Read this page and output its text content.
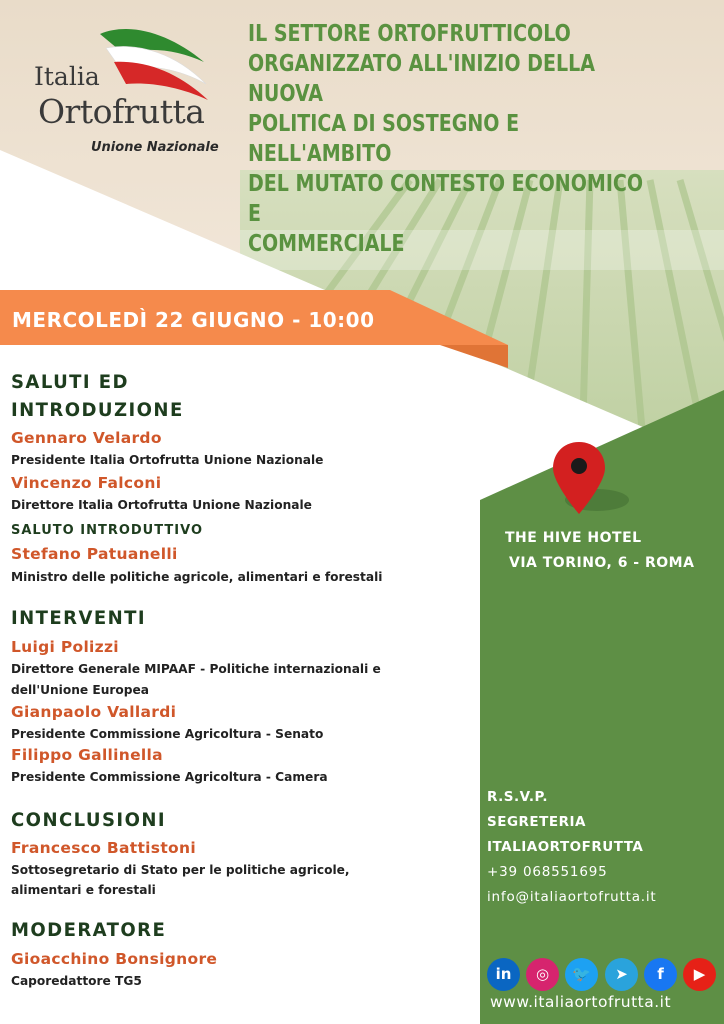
Italia
Ortofrutta
Unione Nazionale
IL SETTORE ORTOFRUTTICOLO
ORGANIZZATO ALL'INIZIO DELLA NUOVA
POLITICA DI SOSTEGNO E NELL'AMBITO
DEL MUTATO CONTESTO ECONOMICO E
COMMERCIALE
MERCOLEDÌ 22 GIUGNO - 10:00
SALUTI ED
INTRODUZIONE
Gennaro Velardo
Presidente Italia Ortofrutta Unione Nazionale
Vincenzo Falconi
Direttore Italia Ortofrutta Unione Nazionale
SALUTO INTRODUTTIVO
Stefano Patuanelli
Ministro delle politiche agricole, alimentari e forestali
INTERVENTI
Luigi Polizzi
Direttore Generale MIPAAF - Politiche internazionali e
dell'Unione Europea
Gianpaolo Vallardi
Presidente Commissione Agricoltura - Senato
Filippo Gallinella
Presidente Commissione Agricoltura - Camera
CONCLUSIONI
Francesco Battistoni
Sottosegretario di Stato per le politiche agricole,
alimentari e forestali
MODERATORE
Gioacchino Bonsignore
Caporedattore TG5
THE HIVE HOTEL
VIA TORINO, 6 - ROMA
R.S.V.P.
SEGRETERIA
ITALIAORTOFRUTTA
+39 068551695
info@italiaortofrutta.it
in	◎	🐦	➤	f	▶
www.italiaortofrutta.it
